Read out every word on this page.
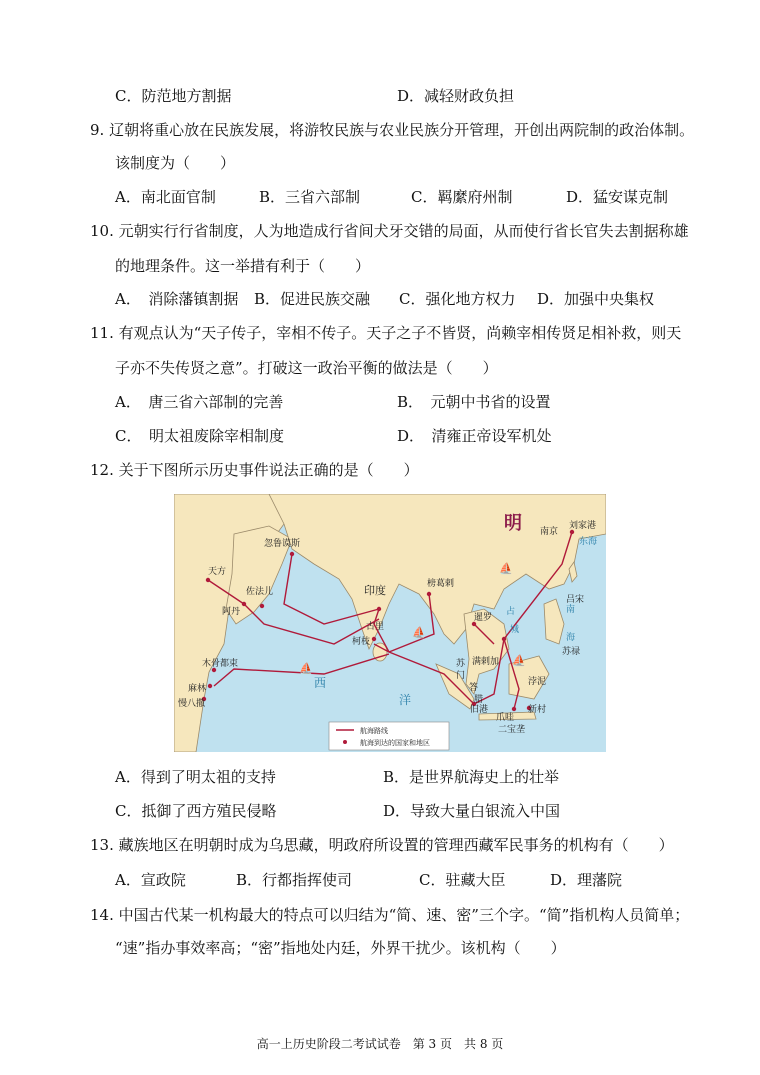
C．防范地方割据	D．减轻财政负担
9. 辽朝将重心放在民族发展，将游牧民族与农业民族分开管理，开创出两院制的政治体制。
该制度为（　　）
A．南北面官制	B．三省六部制	C．羁縻府州制	D．猛安谋克制
10. 元朝实行行省制度，人为地造成行省间犬牙交错的局面，从而使行省长官失去割据称雄
的地理条件。这一举措有利于（　　）
A．　消除藩镇割据 B．促进民族交融 C．强化地方权力 D．加强中央集权
11. 有观点认为“天子传子，宰相不传子。天子之子不皆贤，尚赖宰相传贤足相补救，则天
子亦不失传贤之意”。打破这一政治平衡的做法是（　　）
A．　唐三省六部制的完善	B．　元朝中书省的设置
C．　明太祖废除宰相制度	D．　清雍正帝设军机处
12. 关于下图所示历史事件说法正确的是（　　）
⛵
⛵
⛵
⛵
明 南京
刘家港
东海
南
海
吕宋
苏禄
忽鲁谟斯
榜葛剌
印度
天方
佐法儿
阿丹
古里
柯枝
木骨都束
麻林
慢八撒
暹罗
占
城
浡泥
苏
门
答
腊
满剌加
旧港	新村
爪哇
二宝垄
西
洋
航海路线
航海到达的国家和地区
A．得到了明太祖的支持	B．是世界航海史上的壮举
C．抵御了西方殖民侵略	D．导致大量白银流入中国
13. 藏族地区在明朝时成为乌思藏，明政府所设置的管理西藏军民事务的机构有（　　）
A．宣政院	B．行都指挥使司	C．驻藏大臣	D．理藩院
14. 中国古代某一机构最大的特点可以归结为“简、速、密”三个字。“简”指机构人员简单；
“速”指办事效率高；“密”指地处内廷，外界干扰少。该机构（　　）
高一上历史阶段二考试试卷　第 3 页　共 8 页
